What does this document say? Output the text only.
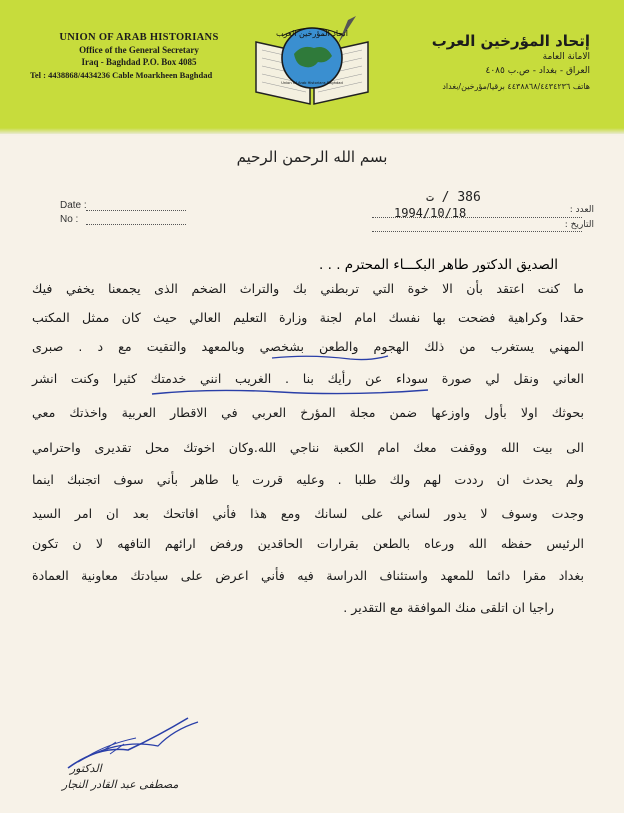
UNION OF ARAB HISTORIANS
Office of the General Secretary
Iraq - Baghdad P.O. Box 4085
Tel : 4438868/4434236 Cable Moarkheen Baghdad
إتحاد المؤرخين العرب
الامانة العامة
العراق - بغداد - ص.ب ٤٠٨٥
هاتف ٤٤٣٨٨٦٨/٤٤٣٤٢٣٦ برقيا/مؤرخين/بغداد
اتحاد المؤرخين العرب
Union Of Arab Historians Baghdad
بسم الله الرحمن الرحيم
Date :
No :
العدد :
التاريخ :
386 / ت
1994/10/18
الصديق الدكتور طاهر البكـــاء المحترم . . .
ما كنت اعتقد بأن الا خوة التي تربطني بك والتراث الضخم الذى يجمعنا يخفي فيك
حقدا وكراهية فضحت بها نفسك امام لجنة وزارة التعليم العالي حيث كان ممثل المكتب
المهني يستغرب من ذلك الهجوم والطعن بشخصي وبالمعهد والتقيت مع د . صبرى
العاني ونقل لي صورة سوداء عن رأيك بنا . الغريب انني خدمتك كثيرا وكنت انشر
بحوثك اولا بأول واوزعها ضمن مجلة المؤرخ العربي في الاقطار العربية واخذتك معي
الى بيت الله ووقفت معك امام الكعبة نناجي الله.وكان اخوتك محل تقديرى واحترامي
ولم يحدث ان رددت لهم ولك طلبا . وعليه قررت يا طاهر بأني سوف اتجنبك اينما
وجدت وسوف لا يدور لساني على لسانك ومع هذا فأني افاتحك بعد ان امر السيد
الرئيس حفظه الله ورعاه بالطعن بقرارات الحاقدين ورفض ارائهم التافهه لا ن تكون
بغداد مقرا دائما للمعهد واستئناف الدراسة فيه فأني اعرض على سيادتك معاونية العمادة
راجيا ان اتلقى منك الموافقة مع التقدير .
الدكتور
مصطفى عبد القادر النجار
